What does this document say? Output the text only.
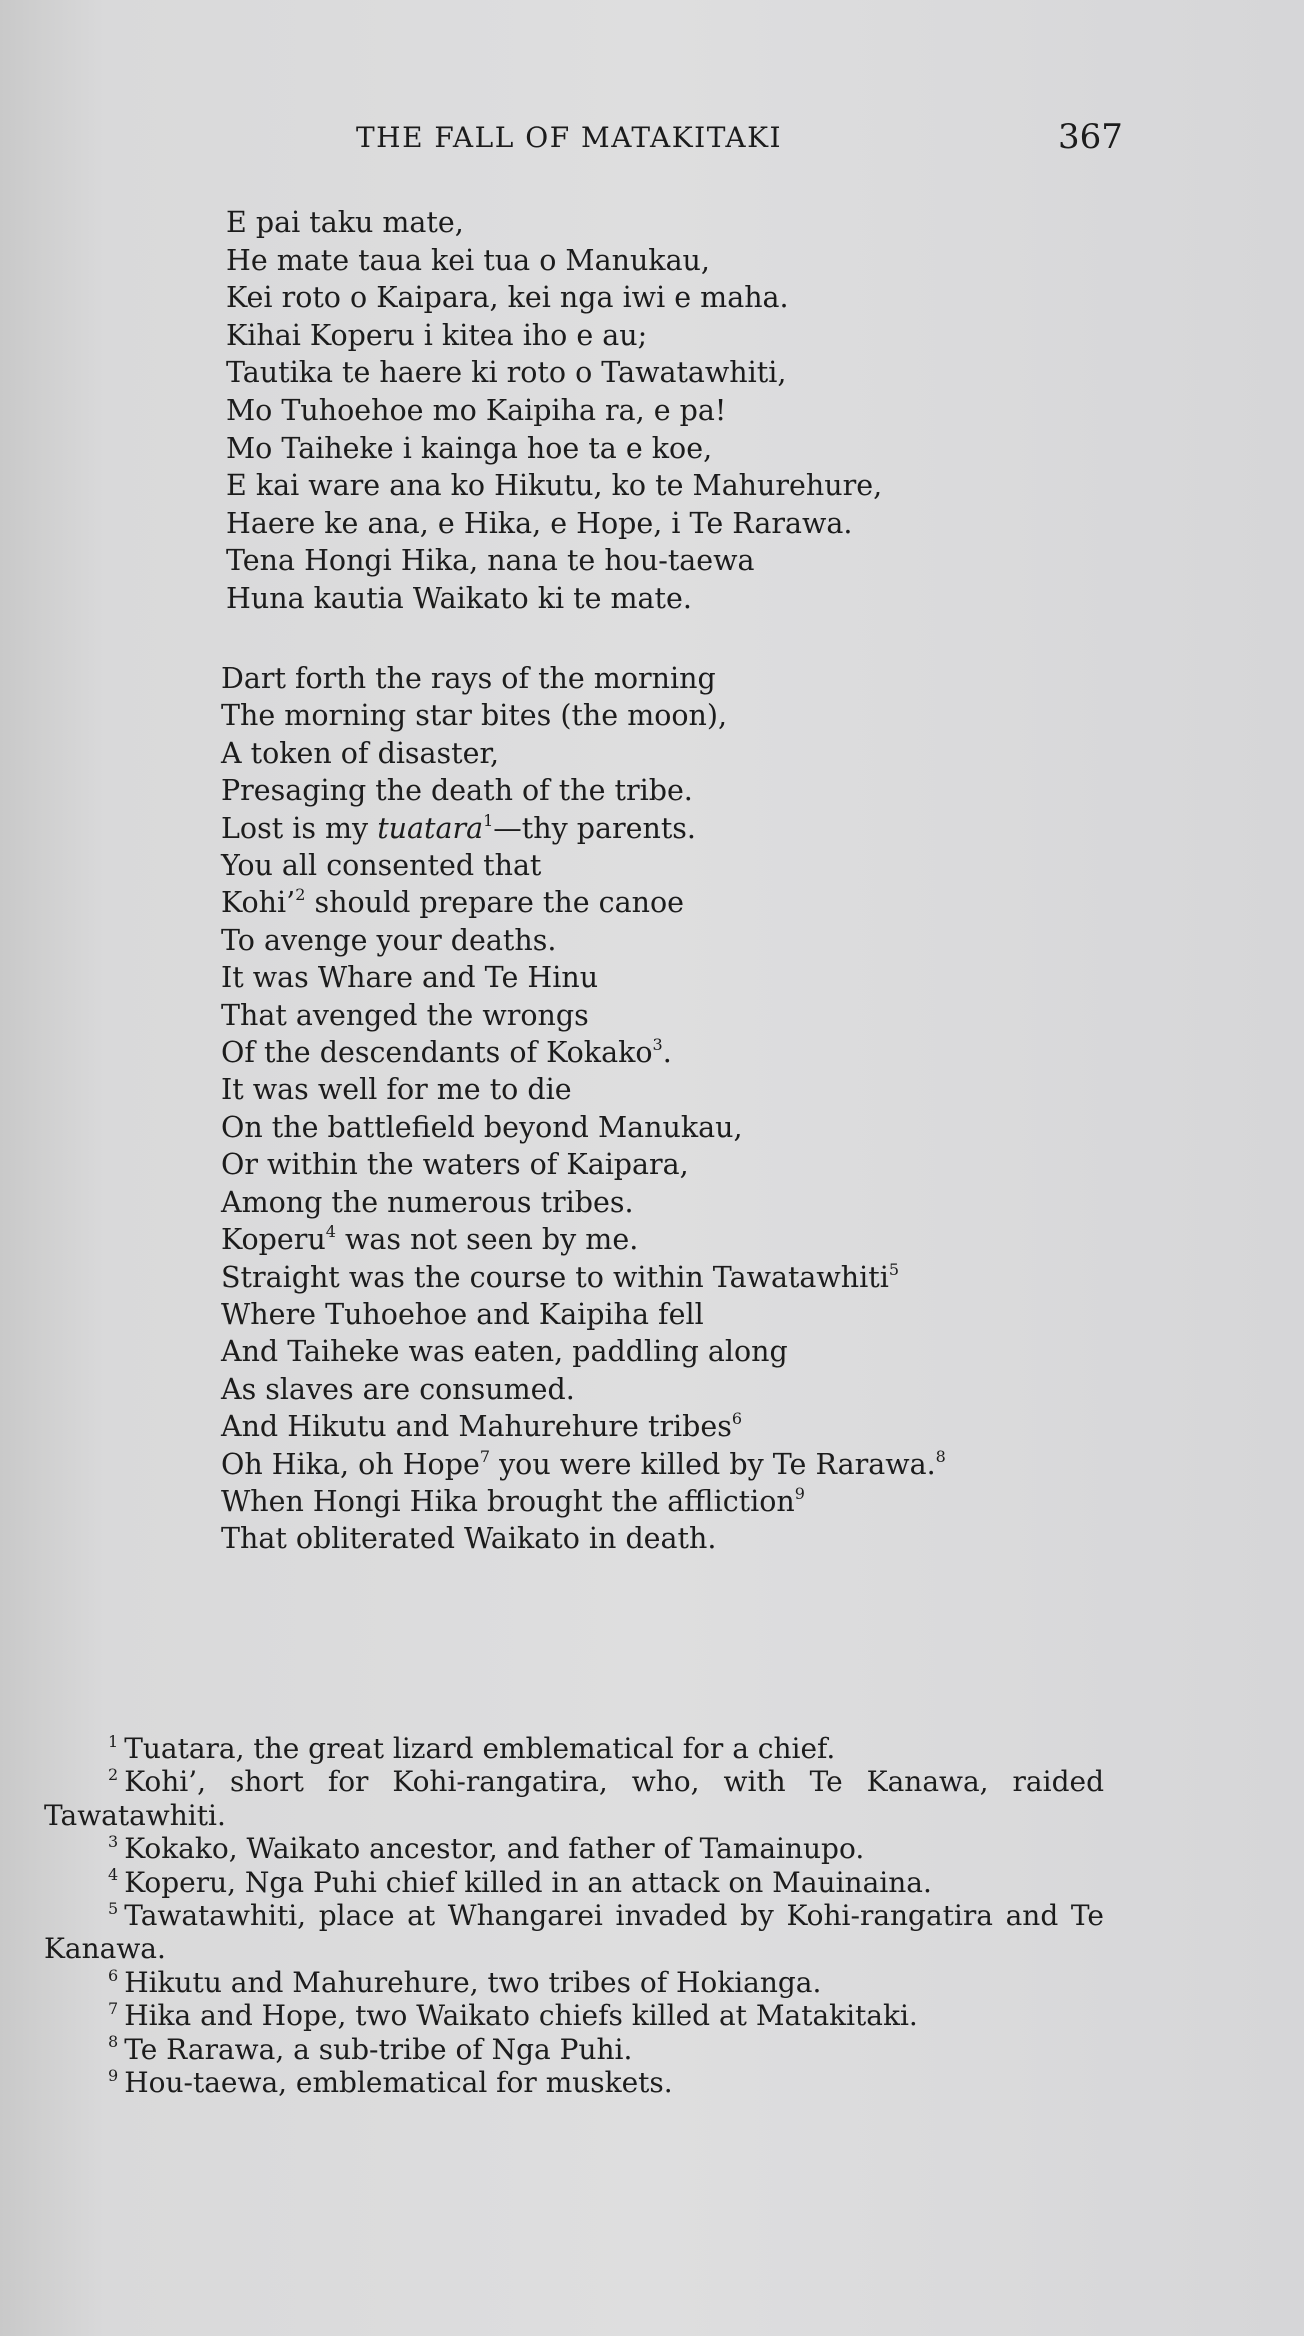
THE FALL OF MATAKITAKI	367
E pai taku mate,
He mate taua kei tua o Manukau,
Kei roto o Kaipara, kei nga iwi e maha.
Kihai Koperu i kitea iho e au;
Tautika te haere ki roto o Tawatawhiti,
Mo Tuhoehoe mo Kaipiha ra, e pa!
Mo Taiheke i kainga hoe ta e koe,
E kai ware ana ko Hikutu, ko te Mahurehure,
Haere ke ana, e Hika, e Hope, i Te Rarawa.
Tena Hongi Hika, nana te hou-taewa
Huna kautia Waikato ki te mate.
Dart forth the rays of the morning
The morning star bites (the moon),
A token of disaster,
Presaging the death of the tribe.
Lost is my tuatara$^1$—thy parents.
You all consented that
Kohi’$^2$ should prepare the canoe
To avenge your deaths.
It was Whare and Te Hinu
That avenged the wrongs
Of the descendants of Kokako$^3$.
It was well for me to die
On the battlefield beyond Manukau,
Or within the waters of Kaipara,
Among the numerous tribes.
Koperu$^4$ was not seen by me.
Straight was the course to within Tawatawhiti$^5$
Where Tuhoehoe and Kaipiha fell
And Taiheke was eaten, paddling along
As slaves are consumed.
And Hikutu and Mahurehure tribes$^6$
Oh Hika, oh Hope$^7$ you were killed by Te Rarawa.$^8$
When Hongi Hika brought the affliction$^9$
That obliterated Waikato in death.
$^1$ Tuatara, the great lizard emblematical for a chief.
$^2$ Kohi’, short for Kohi-rangatira, who, with Te Kanawa, raided Tawatawhiti.
$^3$ Kokako, Waikato ancestor, and father of Tamainupo.
$^4$ Koperu, Nga Puhi chief killed in an attack on Mauinaina.
$^5$ Tawatawhiti, place at Whangarei invaded by Kohi-rangatira and Te Kanawa.
$^6$ Hikutu and Mahurehure, two tribes of Hokianga.
$^7$ Hika and Hope, two Waikato chiefs killed at Matakitaki.
$^8$ Te Rarawa, a sub-tribe of Nga Puhi.
$^9$ Hou-taewa, emblematical for muskets.
